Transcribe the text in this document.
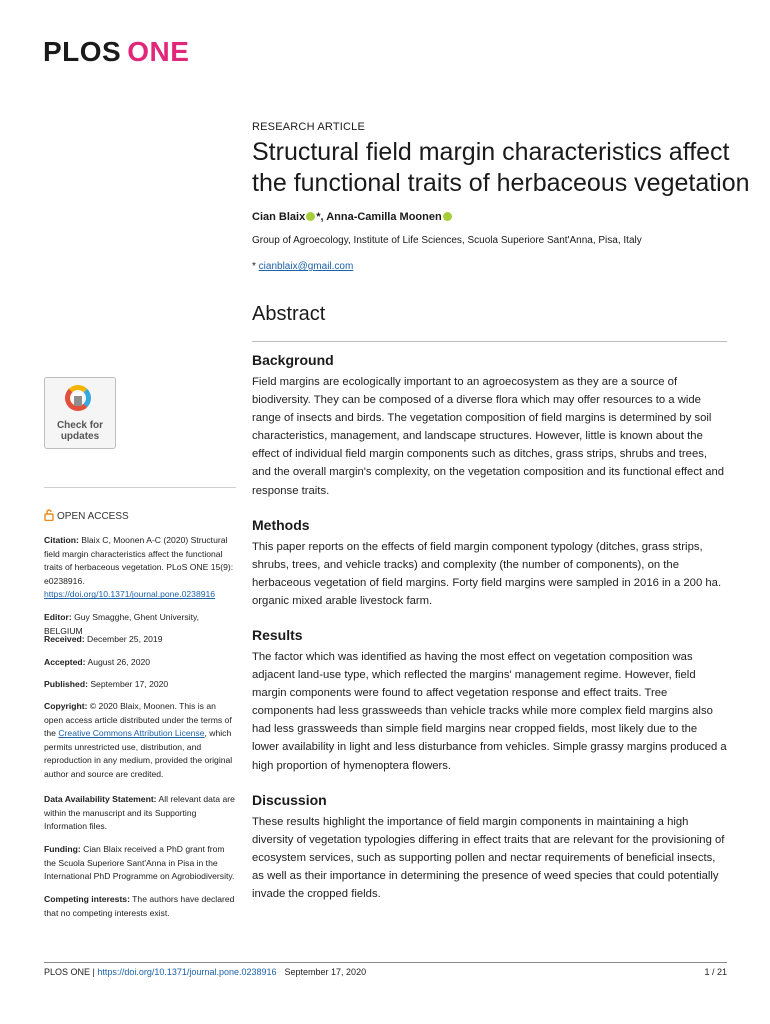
PLOS ONE
RESEARCH ARTICLE
Structural field margin characteristics affect the functional traits of herbaceous vegetation
Cian Blaix *, Anna-Camilla Moonen
Group of Agroecology, Institute of Life Sciences, Scuola Superiore Sant'Anna, Pisa, Italy
* cianblaix@gmail.com
Abstract
Background

Field margins are ecologically important to an agroecosystem as they are a source of biodiversity. They can be composed of a diverse flora which may offer resources to a wide range of insects and birds. The vegetation composition of field margins is determined by soil characteristics, management, and landscape structures. However, little is known about the effect of individual field margin components such as ditches, grass strips, shrubs and trees, and the overall margin's complexity, on the vegetation composition and its functional effect and response traits.

Methods

This paper reports on the effects of field margin component typology (ditches, grass strips, shrubs, trees, and vehicle tracks) and complexity (the number of components), on the herbaceous vegetation of field margins. Forty field margins were sampled in 2016 in a 200 ha. organic mixed arable livestock farm.

Results

The factor which was identified as having the most effect on vegetation composition was adjacent land-use type, which reflected the margins' management regime. However, field margin components were found to affect vegetation response and effect traits. Tree components had less grassweeds than vehicle tracks while more complex field margins also had less grassweeds than simple field margins near cropped fields, most likely due to the lower availability in light and less disturbance from vehicles. Simple grassy margins produced a high proportion of hymenoptera flowers.

Discussion

These results highlight the importance of field margin components in maintaining a high diversity of vegetation typologies differing in effect traits that are relevant for the provisioning of ecosystem services, such as supporting pollen and nectar requirements of beneficial insects, as well as their importance in determining the presence of weed species that could potentially invade the cropped fields.

Check for updates
OPEN ACCESS
Citation: Blaix C, Moonen A-C (2020) Structural field margin characteristics affect the functional traits of herbaceous vegetation. PLoS ONE 15(9): e0238916. https://doi.org/10.1371/journal.pone.0238916
Editor: Guy Smagghe, Ghent University, BELGIUM
Received: December 25, 2019
Accepted: August 26, 2020
Published: September 17, 2020
Copyright: © 2020 Blaix, Moonen. This is an open access article distributed under the terms of the Creative Commons Attribution License, which permits unrestricted use, distribution, and reproduction in any medium, provided the original author and source are credited.
Data Availability Statement: All relevant data are within the manuscript and its Supporting Information files.
Funding: Cian Blaix received a PhD grant from the Scuola Superiore Sant'Anna in Pisa in the International PhD Programme on Agrobiodiversity.
Competing interests: The authors have declared that no competing interests exist.
PLOS ONE | https://doi.org/10.1371/journal.pone.0238916 September 17, 2020	1 / 21
